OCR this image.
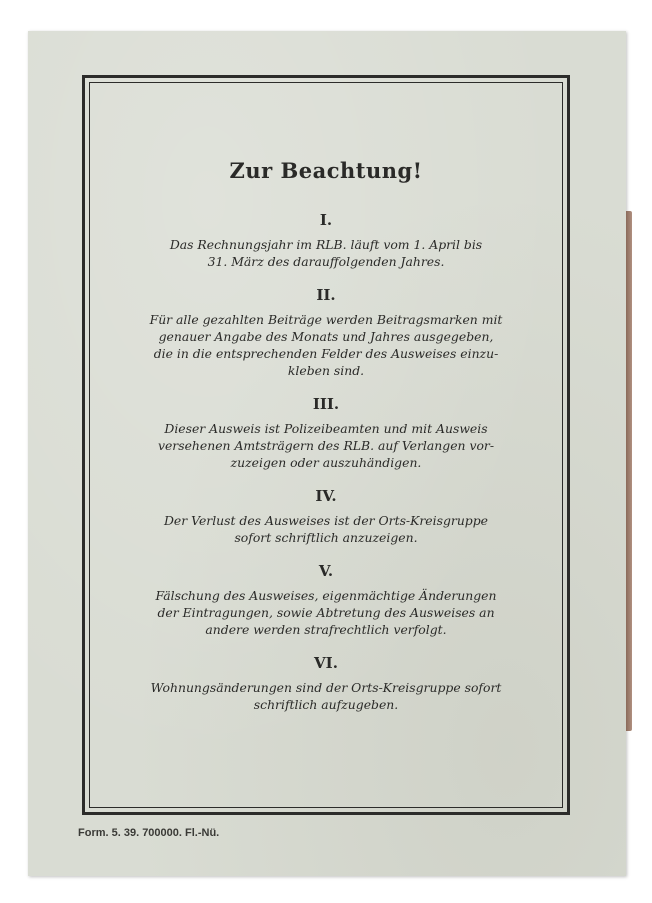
Zur Beachtung!
I.
Das Rechnungsjahr im RLB. läuft vom 1. April bis
31. März des darauffolgenden Jahres.
II.
Für alle gezahlten Beiträge werden Beitragsmarken mit
genauer Angabe des Monats und Jahres ausgegeben,
die in die entsprechenden Felder des Ausweises einzu-
kleben sind.
III.
Dieser Ausweis ist Polizeibeamten und mit Ausweis
versehenen Amtsträgern des RLB. auf Verlangen vor-
zuzeigen oder auszuhändigen.
IV.
Der Verlust des Ausweises ist der Orts-Kreisgruppe
sofort schriftlich anzuzeigen.
V.
Fälschung des Ausweises, eigenmächtige Änderungen
der Eintragungen, sowie Abtretung des Ausweises an
andere werden strafrechtlich verfolgt.
VI.
Wohnungsänderungen sind der Orts-Kreisgruppe sofort
schriftlich aufzugeben.
Form. 5. 39. 700000. Fl.-Nü.
